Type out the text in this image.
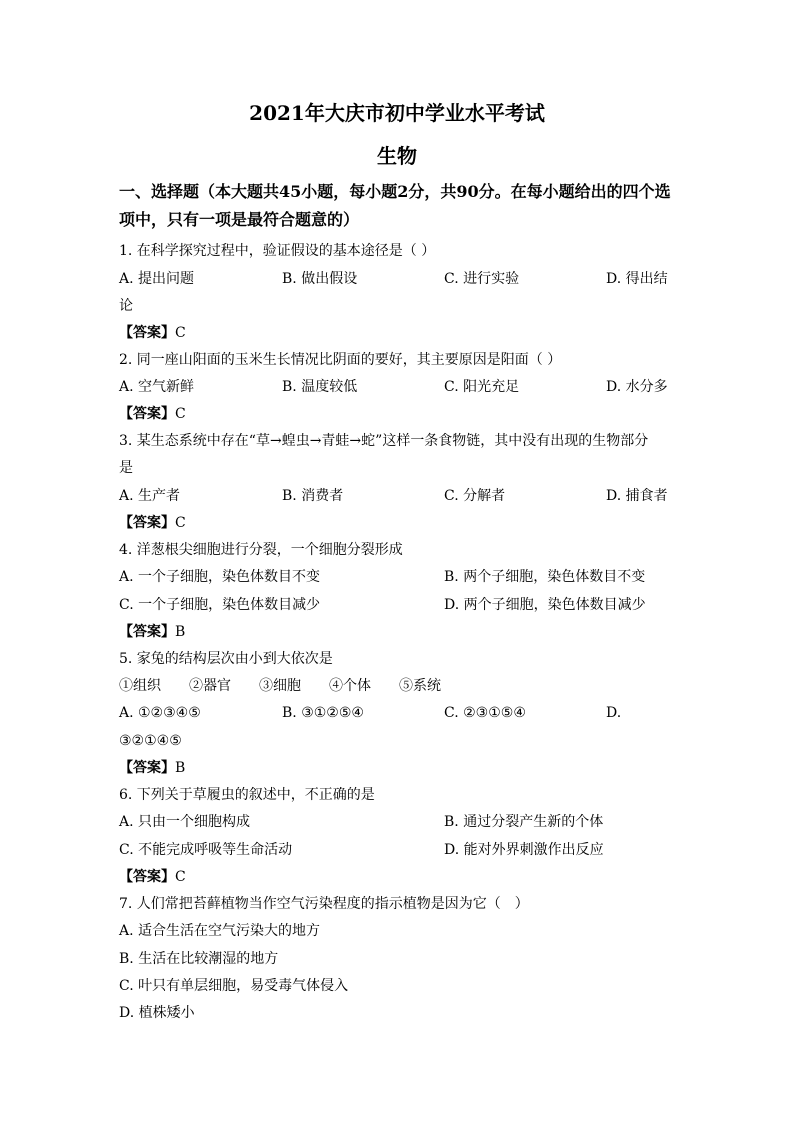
2021年大庆市初中学业水平考试
生物
一、选择题（本大题共45小题，每小题2分，共90分。在每小题给出的四个选项中，只有一项是最符合题意的）
1. 在科学探究过程中，验证假设的基本途径是（ ）
A. 提出问题	B. 做出假设	C. 进行实验	D. 得出结
论
【答案】C
2. 同一座山阳面的玉米生长情况比阴面的要好，其主要原因是阳面（ ）
A. 空气新鲜	B. 温度较低	C. 阳光充足	D. 水分多
【答案】C
3. 某生态系统中存在“草→蝗虫→青蛙→蛇”这样一条食物链，其中没有出现的生物部分
是
A. 生产者	B. 消费者	C. 分解者	D. 捕食者
【答案】C
4. 洋葱根尖细胞进行分裂，一个细胞分裂形成
A. 一个子细胞，染色体数目不变	B. 两个子细胞，染色体数目不变
C. 一个子细胞，染色体数目减少	D. 两个子细胞，染色体数目减少
【答案】B
5. 家兔的结构层次由小到大依次是
①组织　　②器官　　③细胞　　④个体　　⑤系统
A. ①②③④⑤	B. ③①②⑤④	C. ②③①⑤④	D.
③②①④⑤
【答案】B
6. 下列关于草履虫的叙述中，不正确的是
A. 只由一个细胞构成	B. 通过分裂产生新的个体
C. 不能完成呼吸等生命活动	D. 能对外界刺激作出反应
【答案】C
7. 人们常把苔藓植物当作空气污染程度的指示植物是因为它（　）
A. 适合生活在空气污染大的地方
B. 生活在比较潮湿的地方
C. 叶只有单层细胞，易受毒气体侵入
D. 植株矮小
